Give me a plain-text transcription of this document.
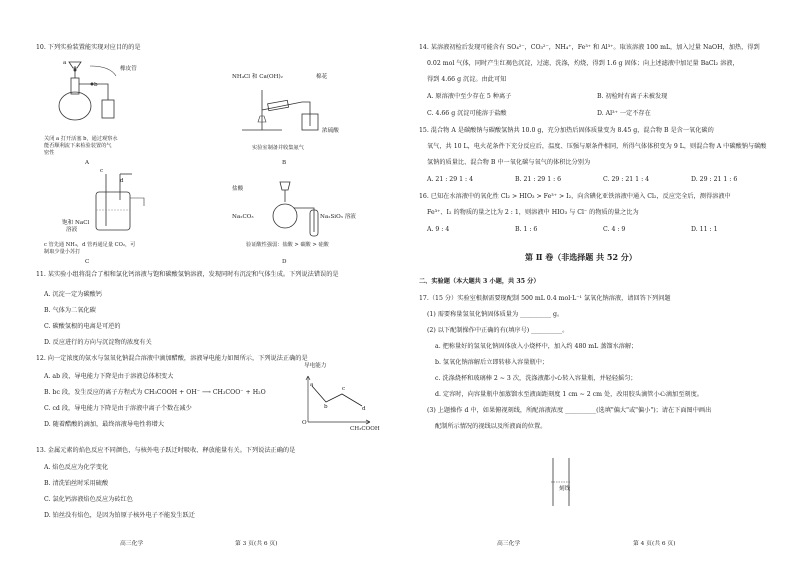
10. 下列实验装置能实现对应目的的是
a
b
橡皮管
关闭 a 打开活塞 b，通过观察水
能否顺利流下来检验装置的气
密性
A
NH₄Cl 和 Ca(OH)₂	棉花
浓硫酸
实验室制备并收集氨气
B
c
d
饱和 NaCl
溶液
c 管先通 NH₃，d 管再通足量 CO₂，可
制取少量小苏打
C
盐酸
Na₂CO₃	Na₂SiO₃ 溶液
验证酸性强弱：盐酸 > 碳酸 > 硅酸
D
11. 某实验小组将混合了相和氯化钙溶液与饱和碳酸氢钠溶液，发现同时有沉淀和气体生成。下列说法错误的是
A. 沉淀一定为碳酸钙
B. 气体为二氧化碳
C. 碳酸氢根的电离是可逆的
D. 反应进行的方向与沉淀物的浓度有关
12. 向一定浓度的氨水与氢氧化钠混合溶液中滴加醋酸，溶液导电能力如图所示，下列说法正确的是
A. ab 段，导电能力下降是由于溶液总体积变大
B. bc 段，发生反应的离子方程式为 CH₃COOH + OH⁻ ⟶ CH₃COO⁻ + H₂O
C. cd 段，导电能力下降是由于溶液中离子个数在减少
D. 随着醋酸的滴加，最终溶液导电性将增大
导电能力
CH₃COOH
O
a
b
c
d
13. 金属元素的焰色反应不同颜色，与核外电子跃迁时吸收、释放能量有关。下列说法正确的是
A. 焰色反应为化学变化
B. 清洗铂丝时采用硫酸
C. 氯化钙溶液焰色反应为砖红色
D. 铂丝没有焰色，是因为铂原子核外电子不能发生跃迁
高三化学	第 3 页(共 6 页)
14. 某溶液初检后发现可能含有 SO₄²⁻，CO₃²⁻，NH₄⁺，Fe³⁺ 和 Al³⁺。取该溶液 100 mL，加入过量 NaOH，加热，得到
0.02 mol 气体，同时产生红褐色沉淀，过滤，洗涤，灼烧，得到 1.6 g 固体；向上述滤液中加足量 BaCl₂ 溶液，
得到 4.66 g 沉淀。由此可知
A. 原溶液中至少存在 5 种离子	B. 初检时有离子未被发现
C. 4.66 g 沉淀可能溶于盐酸	D. Al³⁺ 一定不存在
15. 混合物 A 是碳酸钠与碳酸氢钠共 10.0 g，充分加热后固体质量变为 8.45 g，混合物 B 是含一氧化碳的
氧气，共 10 L，电火花条件下充分反应后，温度、压强与原条件相同，所得气体体积变为 9 L，则混合物 A 中碳酸钠与碳酸
氢钠的质量比、混合物 B 中一氧化碳与氧气的体积比分别为
A. 21 : 29 1 : 4	B. 21 : 29 1 : 6	C. 29 : 21 1 : 4	D. 29 : 21 1 : 6
16. 已知在水溶液中的氧化性 Cl₂ > HIO₃ > Fe³⁺ > I₂，向含碘化亚铁溶液中通入 Cl₂，反应完全后，测得溶液中
Fe³⁺、I₂ 的物质的量之比为 2 : 1，则溶液中 HIO₃ 与 Cl⁻ 的物质的量之比为
A. 9 : 4	B. 1 : 6	C. 4 : 9	D. 11 : 1
第 Ⅱ 卷（非选择题 共 52 分）
二、实验题（本大题共 3 小题，共 35 分）
17.（15 分）实验室根据需要现配制 500 mL 0.4 mol·L⁻¹ 氯氧化钠溶液，请回答下列问题
(1) 需要称量氢氧化钠固体质量为 __________ g。
(2) 以下配制操作中正确的有(填序号) __________。
a. 把称量好的氢氧化钠固体放入小烧杯中，加入约 480 mL 蒸馏水溶解；
b. 氢氧化钠溶解后立即转移入容量瓶中；
c. 洗涤烧杯和玻璃棒 2 ~ 3 次，洗涤液都小心转入容量瓶，并轻轻摇匀；
d. 定容时，向容量瓶中加蒸馏水至液面距刻度 1 cm ~ 2 cm 处，改用胶头滴管小心滴加至刻度。
(3) 上题操作 d 中，如果俯视刻线，所配溶液浓度 __________(选填"偏大"或"偏小")；请在下面图中画出
配制所示情况的视线以及所液面的位置。
刻线
高三化学	第 4 页(共 6 页)
